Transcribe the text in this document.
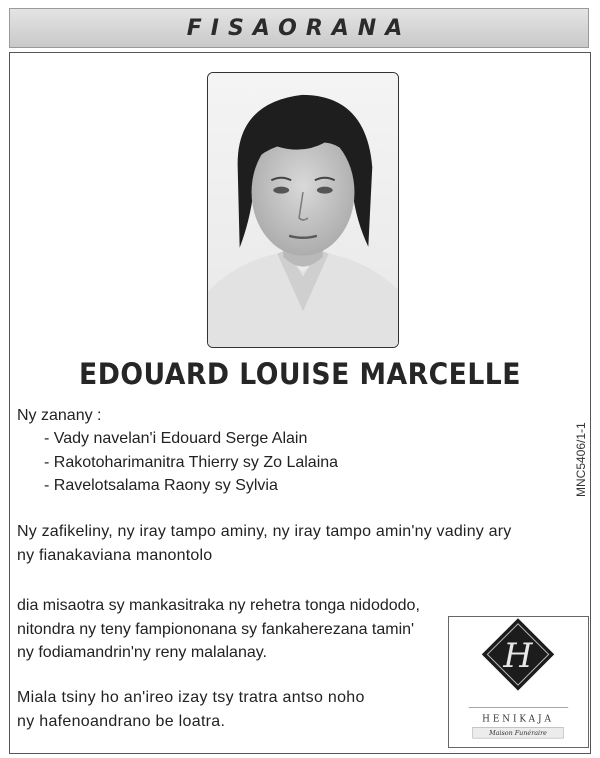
FISAORANA
EDOUARD LOUISE MARCELLE
Ny zanany :
- Vady navelan'i Edouard Serge Alain
- Rakotoharimanitra Thierry sy Zo Lalaina
- Ravelotsalama Raony sy Sylvia
Ny zafikeliny, ny iray tampo aminy, ny iray tampo amin'ny vadiny ary
ny fianakaviana manontolo
dia misaotra sy mankasitraka ny rehetra tonga nidododo,
nitondra ny teny fampiononana sy fankaherezana tamin'
ny fodiamandrin'ny reny malalanay.
Miala tsiny ho an'ireo izay tsy tratra antso noho
ny hafenoandrano be loatra.
MNC5406/1-1
H
HENIKAJA
Maison Funéraire
